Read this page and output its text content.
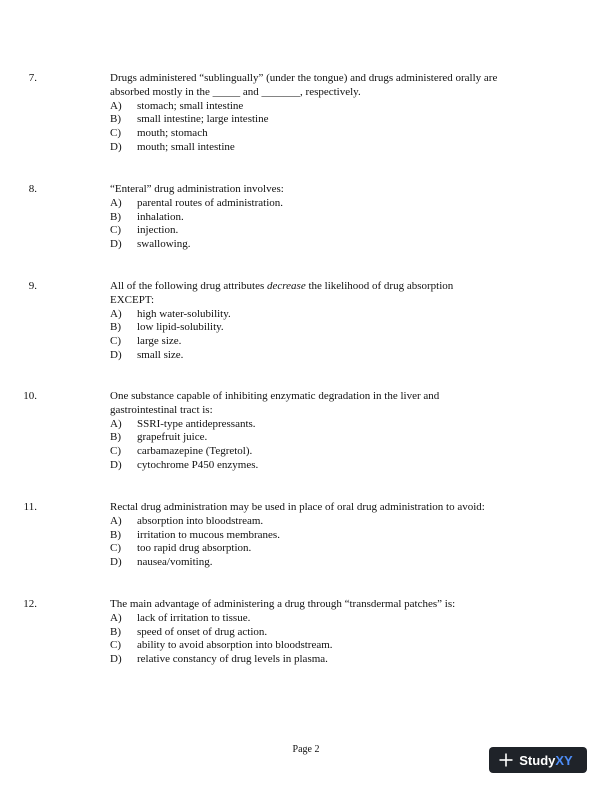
7.	Drugs administered “sublingually” (under the tongue) and drugs administered orally are
absorbed mostly in the _____ and _______, respectively.
A) stomach; small intestine
B) small intestine; large intestine
C) mouth; stomach
D) mouth; small intestine
8.	“Enteral” drug administration involves:
A) parental routes of administration.
B) inhalation.
C) injection.
D) swallowing.
9.	All of the following drug attributes decrease the likelihood of drug absorption
EXCEPT:
A) high water-solubility.
B) low lipid-solubility.
C) large size.
D) small size.
10.	One substance capable of inhibiting enzymatic degradation in the liver and
gastrointestinal tract is:
A) SSRI-type antidepressants.
B) grapefruit juice.
C) carbamazepine (Tegretol).
D) cytochrome P450 enzymes.
11.	Rectal drug administration may be used in place of oral drug administration to avoid:
A) absorption into bloodstream.
B) irritation to mucous membranes.
C) too rapid drug absorption.
D) nausea/vomiting.
12.	The main advantage of administering a drug through “transdermal patches” is:
A) lack of irritation to tissue.
B) speed of onset of drug action.
C) ability to avoid absorption into bloodstream.
D) relative constancy of drug levels in plasma.
Page 2
Study XY
